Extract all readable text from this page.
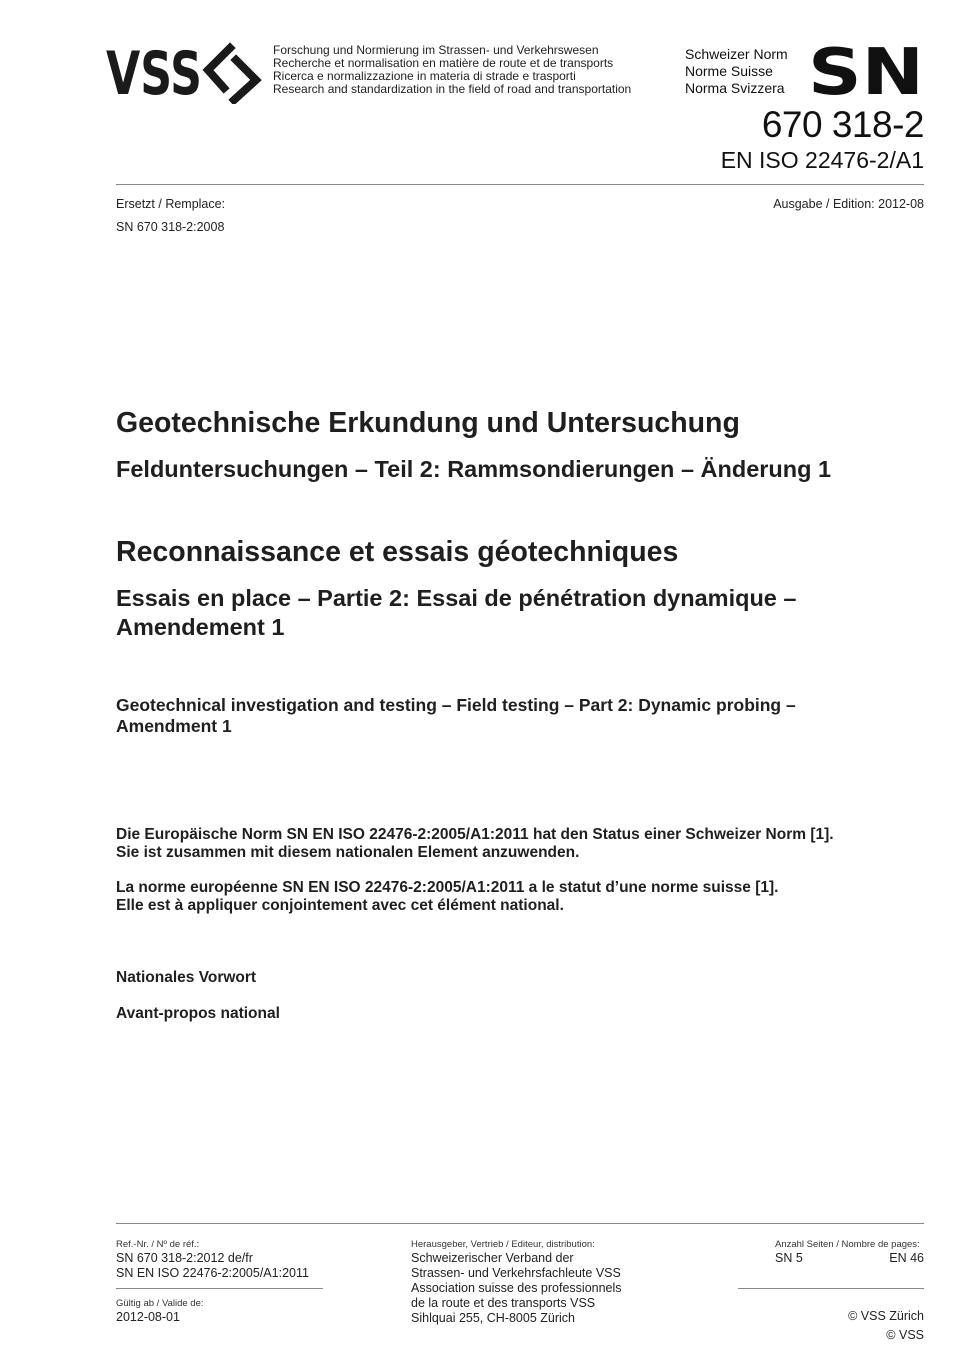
VSS	Forschung und Normierung im Strassen- und Verkehrswesen
Recherche et normalisation en matière de route et de transports
Ricerca e normalizzazione in materia di strade e trasporti
Research and standardization in the field of road and transportation
Schweizer Norm
Norme Suisse
Norma Svizzera SN
670 318-2
EN ISO 22476-2/A1
Ersetzt / Remplace:
SN 670 318-2:2008
Ausgabe / Edition: 2012-08
Geotechnische Erkundung und Untersuchung
Felduntersuchungen – Teil 2: Rammsondierungen – Änderung 1
Reconnaissance et essais géotechniques
Essais en place – Partie 2: Essai de pénétration dynamique –
Amendement 1
Geotechnical investigation and testing – Field testing – Part 2: Dynamic probing –
Amendment 1
Die Europäische Norm SN EN ISO 22476-2:2005/A1:2011 hat den Status einer Schweizer Norm [1].
Sie ist zusammen mit diesem nationalen Element anzuwenden.
La norme européenne SN EN ISO 22476-2:2005/A1:2011 a le statut d’une norme suisse [1].
Elle est à appliquer conjointement avec cet élément national.
Nationales Vorwort
Avant-propos national
Ref.-Nr. / Nº de réf.:
SN 670 318-2:2012 de/fr
SN EN ISO 22476-2:2005/A1:2011
Gültig ab / Valide de:
2012-08-01
Herausgeber, Vertrieb / Editeur, distribution:
Schweizerischer Verband der
Strassen- und Verkehrsfachleute VSS
Association suisse des professionnels
de la route et des transports VSS
Sihlquai 255, CH-8005 Zürich
Anzahl Seiten / Nombre de pages:
SN 5	EN 46
© VSS Zürich
© VSS
